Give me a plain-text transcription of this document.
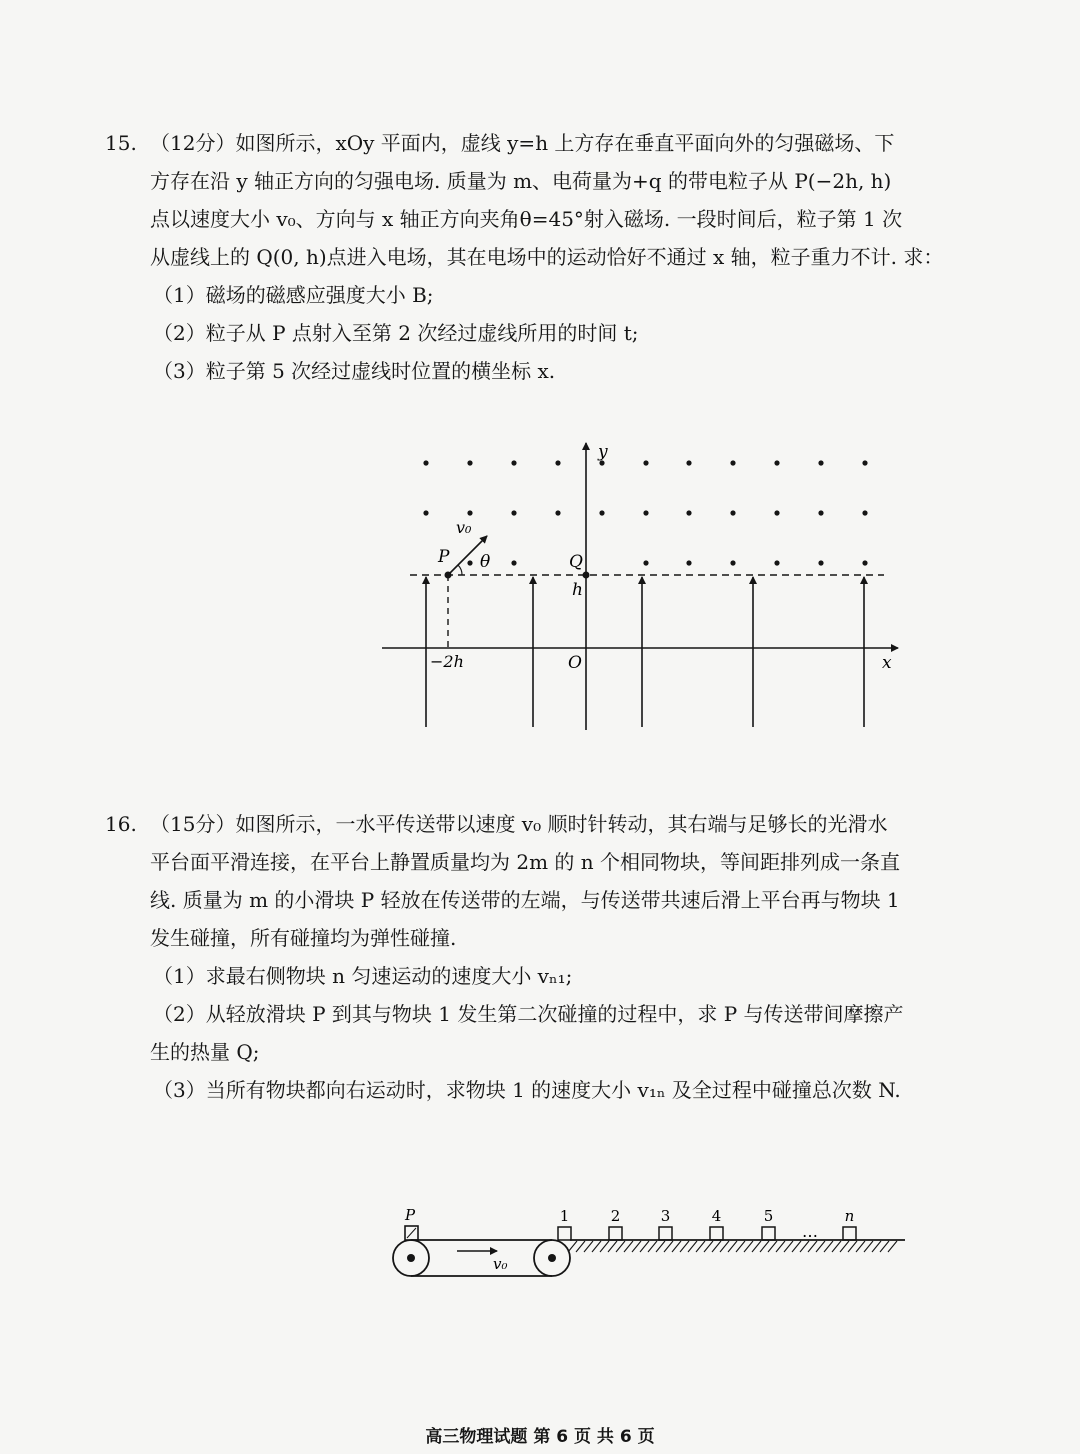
15. （12分）如图所示，xOy 平面内，虚线 y=h 上方存在垂直平面向外的匀强磁场、下
方存在沿 y 轴正方向的匀强电场. 质量为 m、电荷量为+q 的带电粒子从 P(−2h, h)
点以速度大小 v₀、方向与 x 轴正方向夹角θ=45°射入磁场. 一段时间后，粒子第 1 次
从虚线上的 Q(0, h)点进入电场，其在电场中的运动恰好不通过 x 轴，粒子重力不计. 求：
（1）磁场的磁感应强度大小 B;
（2）粒子从 P 点射入至第 2 次经过虚线所用的时间 t;
（3）粒子第 5 次经过虚线时位置的横坐标 x.
y
x
O
v₀
P θ	Q
h
−2h
16. （15分）如图所示，一水平传送带以速度 v₀ 顺时针转动，其右端与足够长的光滑水
平台面平滑连接，在平台上静置质量均为 2m 的 n 个相同物块，等间距排列成一条直
线. 质量为 m 的小滑块 P 轻放在传送带的左端，与传送带共速后滑上平台再与物块 1
发生碰撞，所有碰撞均为弹性碰撞.
（1）求最右侧物块 n 匀速运动的速度大小 vₙ₁;
（2）从轻放滑块 P 到其与物块 1 发生第二次碰撞的过程中，求 P 与传送带间摩擦产
生的热量 Q;
（3）当所有物块都向右运动时，求物块 1 的速度大小 v₁ₙ 及全过程中碰撞总次数 N.
v₀
P	1	2	3	4	5	n
…
高三物理试题 第 6 页 共 6 页
